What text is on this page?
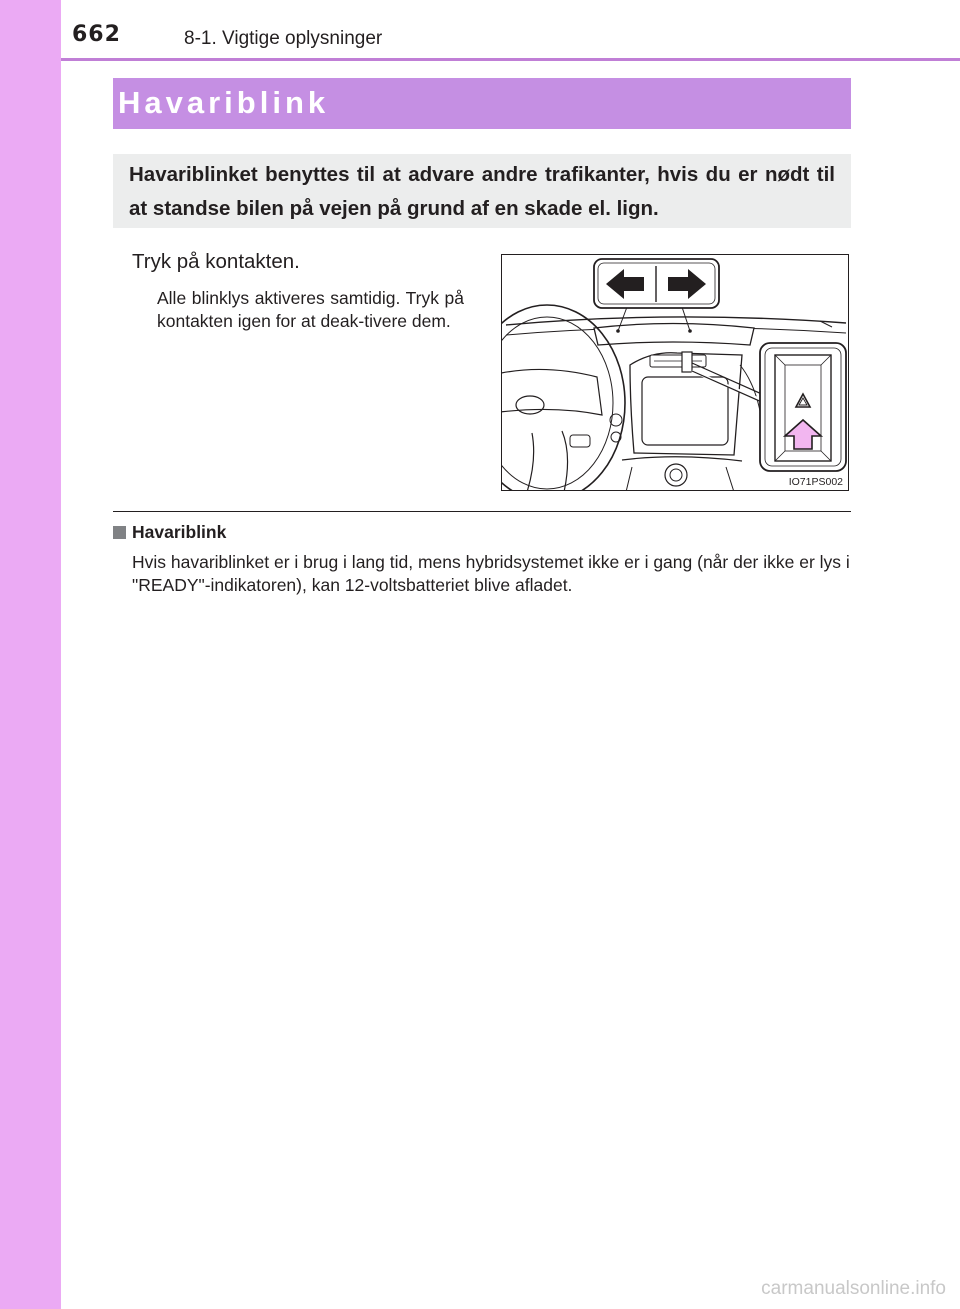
662	8-1. Vigtige oplysninger
Havariblink

Havariblinket benyttes til at advare andre trafikanter, hvis du er nødt til at standse bilen på vejen på grund af en skade el. lign.

Tryk på kontakten.

Alle blinklys aktiveres samtidig. Tryk på kontakten igen for at deak-tivere dem.

IO71PS002
Havariblink

Hvis havariblinket er i brug i lang tid, mens hybridsystemet ikke er i gang (når der ikke er lys i "READY"-indikatoren), kan 12-voltsbatteriet blive afladet.

carmanualsonline.info
